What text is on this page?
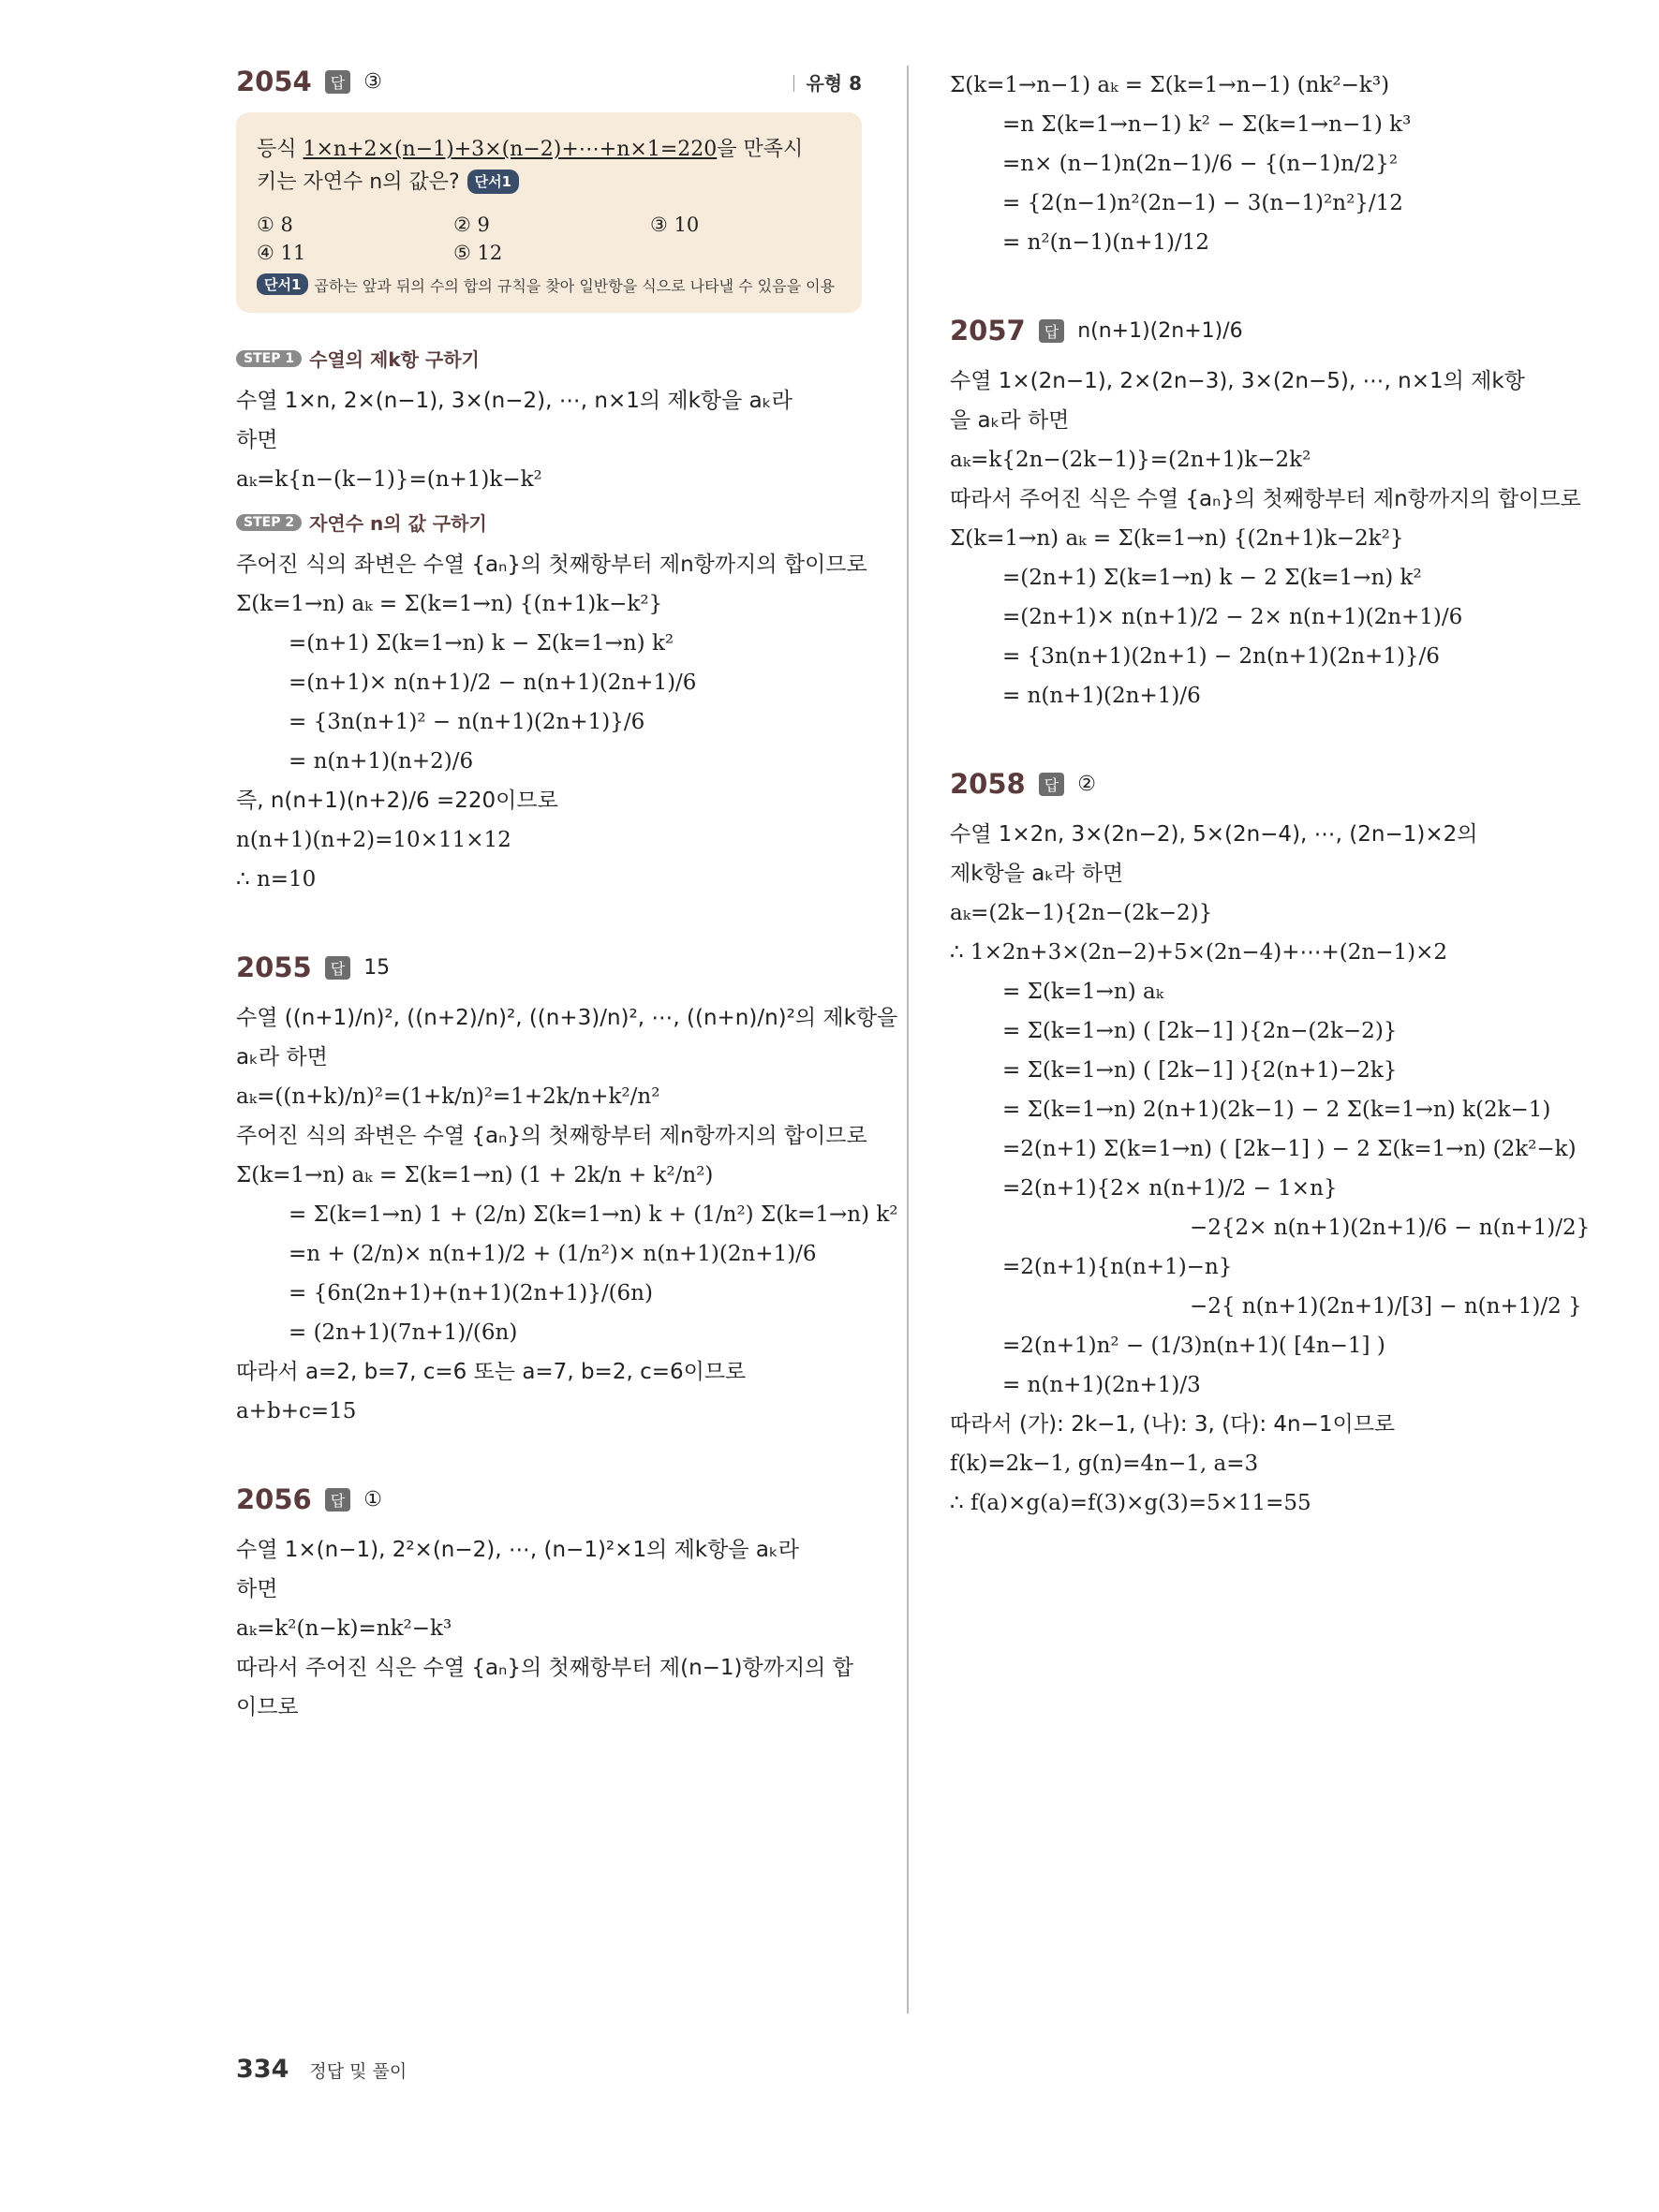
2054	답 ③	유형 8
등식 1×n+2×(n−1)+3×(n−2)+⋯+n×1=220을 만족시
키는 자연수 n의 값은? 단서1
① 8	② 9	③ 10
④ 11	⑤ 12
단서1 곱하는 앞과 뒤의 수의 합의 규칙을 찾아 일반항을 식으로 나타낼 수 있음을 이용
STEP 1 수열의 제k항 구하기
수열 1×n, 2×(n−1), 3×(n−2), ⋯, n×1의 제k항을 aₖ라
하면
aₖ=k{n−(k−1)}=(n+1)k−k²
STEP 2 자연수 n의 값 구하기
주어진 식의 좌변은 수열 {aₙ}의 첫째항부터 제n항까지의 합이므로
Σ(k=1→n) aₖ = Σ(k=1→n) {(n+1)k−k²}
=(n+1) Σ(k=1→n) k − Σ(k=1→n) k²
=(n+1)× n(n+1)/2 − n(n+1)(2n+1)/6
= {3n(n+1)² − n(n+1)(2n+1)}/6
= n(n+1)(n+2)/6
즉, n(n+1)(n+2)/6 =220이므로
n(n+1)(n+2)=10×11×12
∴ n=10
2055	답 15
수열 ((n+1)/n)², ((n+2)/n)², ((n+3)/n)², ⋯, ((n+n)/n)²의 제k항을
aₖ라 하면
aₖ=((n+k)/n)²=(1+k/n)²=1+2k/n+k²/n²
주어진 식의 좌변은 수열 {aₙ}의 첫째항부터 제n항까지의 합이므로
Σ(k=1→n) aₖ = Σ(k=1→n) (1 + 2k/n + k²/n²)
= Σ(k=1→n) 1 + (2/n) Σ(k=1→n) k + (1/n²) Σ(k=1→n) k²
=n + (2/n)× n(n+1)/2 + (1/n²)× n(n+1)(2n+1)/6
= {6n(2n+1)+(n+1)(2n+1)}/(6n)
= (2n+1)(7n+1)/(6n)
따라서 a=2, b=7, c=6 또는 a=7, b=2, c=6이므로
a+b+c=15
2056	답 ①
수열 1×(n−1), 2²×(n−2), ⋯, (n−1)²×1의 제k항을 aₖ라
하면
aₖ=k²(n−k)=nk²−k³
따라서 주어진 식은 수열 {aₙ}의 첫째항부터 제(n−1)항까지의 합
이므로
Σ(k=1→n−1) aₖ = Σ(k=1→n−1) (nk²−k³)
=n Σ(k=1→n−1) k² − Σ(k=1→n−1) k³
=n× (n−1)n(2n−1)/6 − {(n−1)n/2}²
= {2(n−1)n²(2n−1) − 3(n−1)²n²}/12
= n²(n−1)(n+1)/12
2057	답 n(n+1)(2n+1)/6
수열 1×(2n−1), 2×(2n−3), 3×(2n−5), ⋯, n×1의 제k항
을 aₖ라 하면
aₖ=k{2n−(2k−1)}=(2n+1)k−2k²
따라서 주어진 식은 수열 {aₙ}의 첫째항부터 제n항까지의 합이므로
Σ(k=1→n) aₖ = Σ(k=1→n) {(2n+1)k−2k²}
=(2n+1) Σ(k=1→n) k − 2 Σ(k=1→n) k²
=(2n+1)× n(n+1)/2 − 2× n(n+1)(2n+1)/6
= {3n(n+1)(2n+1) − 2n(n+1)(2n+1)}/6
= n(n+1)(2n+1)/6
2058	답 ②
수열 1×2n, 3×(2n−2), 5×(2n−4), ⋯, (2n−1)×2의
제k항을 aₖ라 하면
aₖ=(2k−1){2n−(2k−2)}
∴ 1×2n+3×(2n−2)+5×(2n−4)+⋯+(2n−1)×2
= Σ(k=1→n) aₖ
= Σ(k=1→n) ( [2k−1] ){2n−(2k−2)}
= Σ(k=1→n) ( [2k−1] ){2(n+1)−2k}
= Σ(k=1→n) 2(n+1)(2k−1) − 2 Σ(k=1→n) k(2k−1)
=2(n+1) Σ(k=1→n) ( [2k−1] ) − 2 Σ(k=1→n) (2k²−k)
=2(n+1){2× n(n+1)/2 − 1×n}
−2{2× n(n+1)(2n+1)/6 − n(n+1)/2}
=2(n+1){n(n+1)−n}
−2{ n(n+1)(2n+1)/[3] − n(n+1)/2 }
=2(n+1)n² − (1/3)n(n+1)( [4n−1] )
= n(n+1)(2n+1)/3
따라서 (가): 2k−1, (나): 3, (다): 4n−1이므로
f(k)=2k−1, g(n)=4n−1, a=3
∴ f(a)×g(a)=f(3)×g(3)=5×11=55
334 정답 및 풀이
